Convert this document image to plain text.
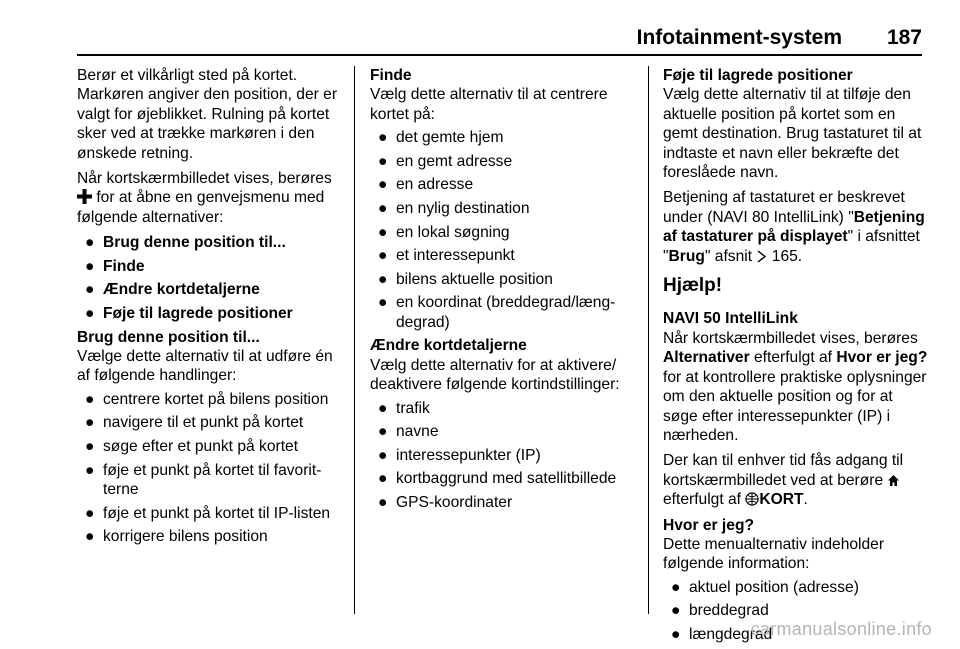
Infotainment-system 187

Berør et vilkårligt sted på kortet. Markøren angiver den position, der er valgt for øjeblikket. Rulning på kortet sker ved at trække markøren i den ønskede retning.

Når kortskærmbilledet vises, berøres  for at åbne en genvejsmenu med følgende alternativer:

● Brug denne position til...
● Finde
● Ændre kortdetaljerne
● Føje til lagrede positioner
Brug denne position til...
Vælge dette alternativ til at udføre én af følgende handlinger:
● centrere kortet på bilens position
● navigere til et punkt på kortet
● søge efter et punkt på kortet
● føje et punkt på kortet til favoritterne
● føje et punkt på kortet til IP-listen
● korrigere bilens position
Finde
Vælg dette alternativ til at centrere kortet på:
● det gemte hjem
● en gemt adresse
● en adresse
● en nylig destination
● en lokal søgning
● et interessepunkt
● bilens aktuelle position
● en koordinat (breddegrad/længdegrad)
Ændre kortdetaljerne
Vælg dette alternativ for at aktivere/ deaktivere følgende kortindstillinger:
● trafik
● navne
● interessepunkter (IP)
● kortbaggrund med satellitbillede
● GPS-koordinater
Føje til lagrede positioner

Vælg dette alternativ til at tilføje den aktuelle position på kortet som en gemt destination. Brug tastaturet til at indtaste et navn eller bekræfte det foreslåede navn.

Betjening af tastaturet er beskrevet under (NAVI 80 IntelliLink) "Betjening af tastaturer på displayet" i afsnittet "Brug" afsnit  165.

Hjælp!
NAVI 50 IntelliLink

Når kortskærmbilledet vises, berøres Alternativer efterfulgt af Hvor er jeg? for at kontrollere praktiske oplysninger om den aktuelle position og for at søge efter interessepunkter (IP) i nærheden.

Der kan til enhver tid fås adgang til kortskærmbilledet ved at berøre  efterfulgt af KORT.

Hvor er jeg?
Dette menualternativ indeholder følgende information:
● aktuel position (adresse)
● breddegrad
● længdegrad
carmanualsonline.info
